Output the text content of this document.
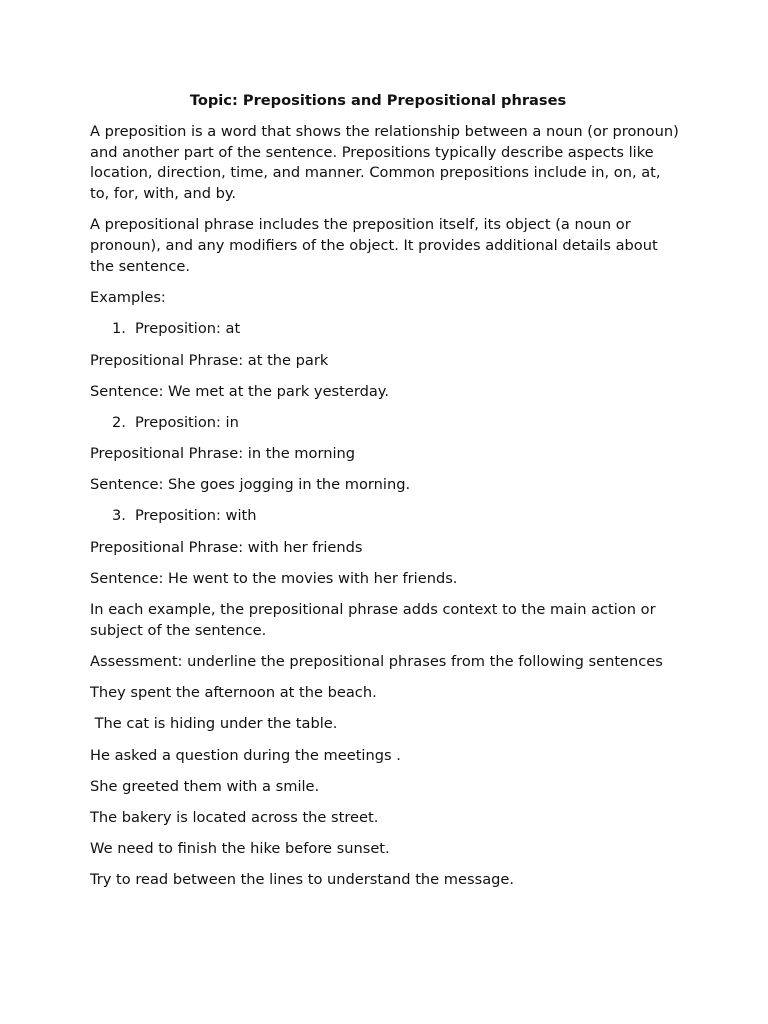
Topic: Prepositions and Prepositional phrases

A preposition is a word that shows the relationship between a noun (or pronoun) and another part of the sentence. Prepositions typically describe aspects like location, direction, time, and manner. Common prepositions include in, on, at, to, for, with, and by.

A prepositional phrase includes the preposition itself, its object (a noun or pronoun), and any modifiers of the object. It provides additional details about the sentence.

Examples:

1. Preposition: at

Prepositional Phrase: at the park

Sentence: We met at the park yesterday.

2. Preposition: in

Prepositional Phrase: in the morning

Sentence: She goes jogging in the morning.

3. Preposition: with

Prepositional Phrase: with her friends

Sentence: He went to the movies with her friends.

In each example, the prepositional phrase adds context to the main action or subject of the sentence.

Assessment: underline the prepositional phrases from the following sentences

They spent the afternoon at the beach.

The cat is hiding under the table.

He asked a question during the meetings .

She greeted them with a smile.

The bakery is located across the street.

We need to finish the hike before sunset.

Try to read between the lines to understand the message.
